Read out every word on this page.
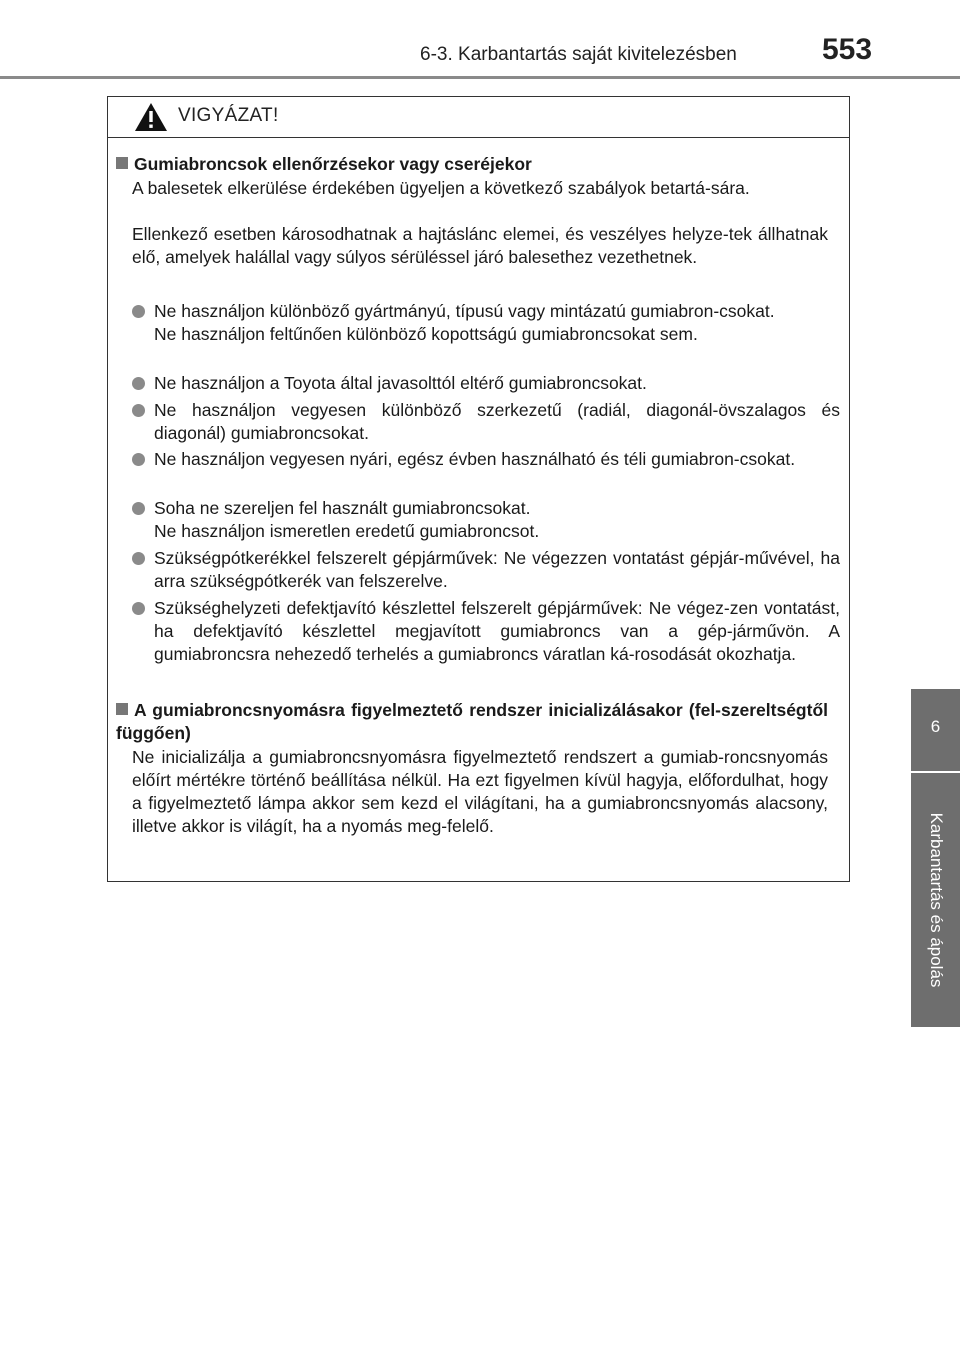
6-3. Karbantartás saját kivitelezésben	553
6
Karbantartás és ápolás
VIGYÁZAT!
Gumiabroncsok ellenőrzésekor vagy cseréjekor
A balesetek elkerülése érdekében ügyeljen a következő szabályok betartá-sára.
Ellenkező esetben károsodhatnak a hajtáslánc elemei, és veszélyes helyze-tek állhatnak elő, amelyek halállal vagy súlyos sérüléssel járó balesethez vezethetnek.
Ne használjon különböző gyártmányú, típusú vagy mintázatú gumiabron-csokat.
Ne használjon feltűnően különböző kopottságú gumiabroncsokat sem.
Ne használjon a Toyota által javasolttól eltérő gumiabroncsokat.
Ne használjon vegyesen különböző szerkezetű (radiál, diagonál-övszalagos és diagonál) gumiabroncsokat.
Ne használjon vegyesen nyári, egész évben használható és téli gumiabron-csokat.
Soha ne szereljen fel használt gumiabroncsokat.
Ne használjon ismeretlen eredetű gumiabroncsot.
Szükségpótkerékkel felszerelt gépjárművek: Ne végezzen vontatást gépjár-művével, ha arra szükségpótkerék van felszerelve.
Szükséghelyzeti defektjavító készlettel felszerelt gépjárművek: Ne végez-zen vontatást, ha defektjavító készlettel megjavított gumiabroncs van a gép-járművön. A gumiabroncsra nehezedő terhelés a gumiabroncs váratlan ká-rosodását okozhatja.
A gumiabroncsnyomásra figyelmeztető rendszer inicializálásakor (fel-szereltségtől függően)
Ne inicializálja a gumiabroncsnyomásra figyelmeztető rendszert a gumiab-roncsnyomás előírt mértékre történő beállítása nélkül. Ha ezt figyelmen kívül hagyja, előfordulhat, hogy a figyelmeztető lámpa akkor sem kezd el világítani, ha a gumiabroncsnyomás alacsony, illetve akkor is világít, ha a nyomás meg-felelő.
